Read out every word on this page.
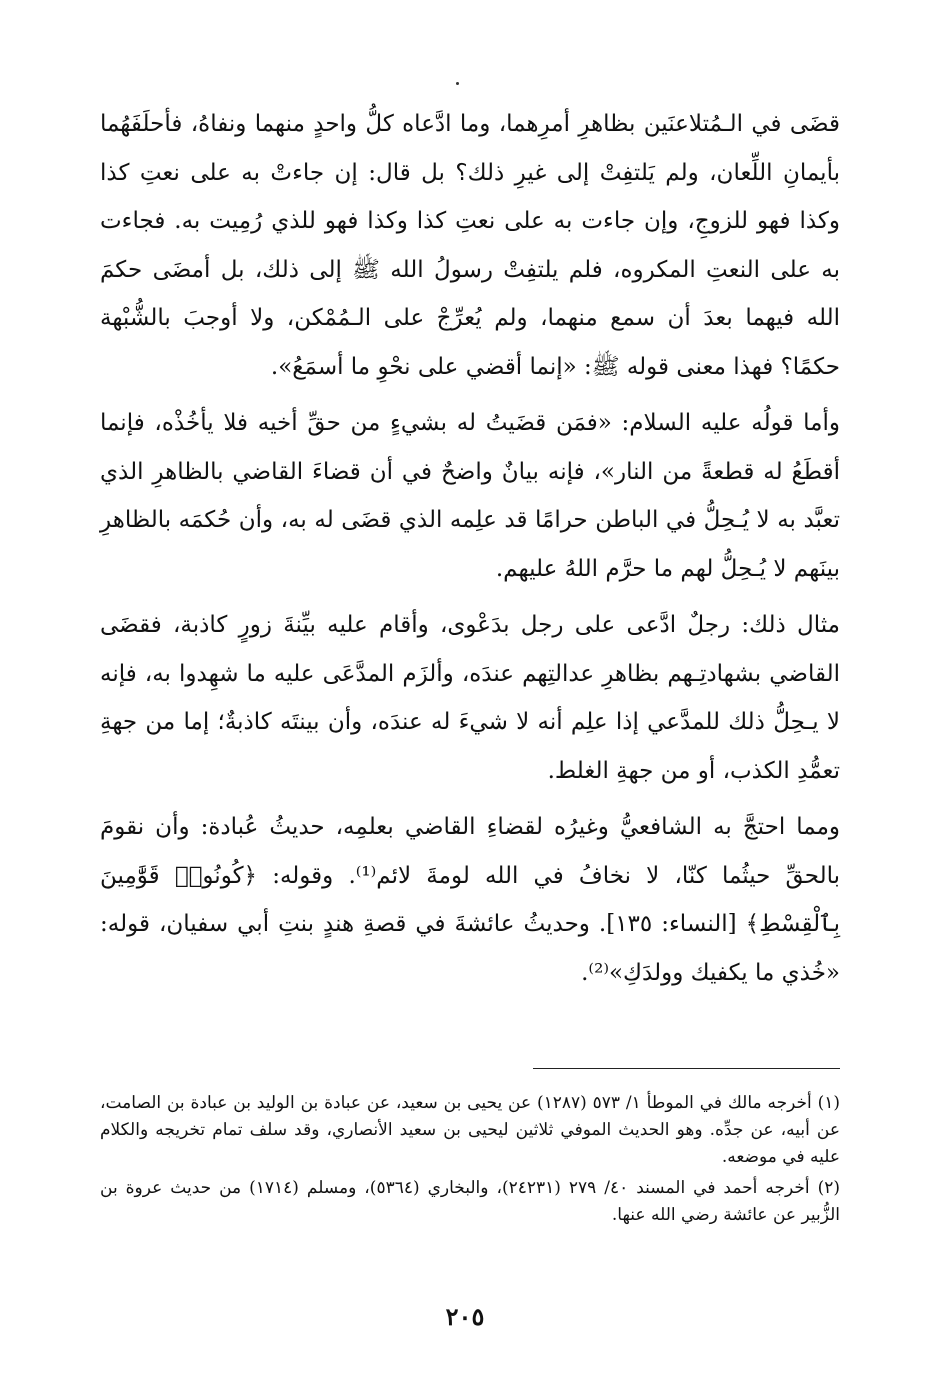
قضَى في الـمُتلاعنَين بظاهرِ أمرِهما، وما ادَّعاه كلُّ واحدٍ منهما ونفاهُ، فأحلَفَهُما بأيمانِ اللِّعان، ولم يَلتفِتْ إلى غيرِ ذلك؟ بل قال: إن جاءتْ به على نعتِ كذا وكذا فهو للزوجِ، وإن جاءت به على نعتِ كذا وكذا فهو للذي رُمِيت به. فجاءت به على النعتِ المكروه، فلم يلتفِتْ رسولُ الله ﷺ إلى ذلك، بل أمضَى حكمَ الله فيهما بعدَ أن سمع منهما، ولم يُعرِّجْ على الـمُمْكن، ولا أوجبَ بالشُّبْهة حكمًا؟ فهذا معنى قوله ﷺ: «إنما أقضي على نحْوِ ما أسمَعُ».

وأما قولُه عليه السلام: «فمَن قضَيتُ له بشيءٍ من حقِّ أخيه فلا يأخُذْه، فإنما أقطَعُ له قطعةً من النار»، فإنه بيانٌ واضحٌ في أن قضاءَ القاضي بالظاهرِ الذي تعبَّد به لا يُـحِلُّ في الباطن حرامًا قد علِمه الذي قضَى له به، وأن حُكمَه بالظاهرِ بينَهم لا يُـحِلُّ لهم ما حرَّم اللهُ عليهم.

مثال ذلك: رجلٌ ادَّعى على رجل بدَعْوى، وأقام عليه بيِّنةَ زورٍ كاذبة، فقضَى القاضي بشهادتِـهم بظاهرِ عدالتِهم عندَه، وألزَم المدَّعَى عليه ما شهِدوا به، فإنه لا يـحِلُّ ذلك للمدَّعي إذا علِم أنه لا شيءَ له عندَه، وأن بينتَه كاذبةٌ؛ إما من جهةِ تعمُّدِ الكذب، أو من جهةِ الغلط.

ومما احتجَّ به الشافعيُّ وغيرُه لقضاءِ القاضي بعلمِه، حديثُ عُبادة: وأن نقومَ بالحقِّ حيثُما كنّا، لا نخافُ في الله لومةَ لائم⁽¹⁾. وقوله: ﴿كُونُوا۟ قَوَّٰمِينَ بِٱلْقِسْطِ﴾ [النساء: ١٣٥]. وحديثُ عائشةَ في قصةِ هندٍ بنتِ أبي سفيان، قوله: «خُذي ما يكفيك وولدَكِ»⁽²⁾.

(١) أخرجه مالك في الموطأ ١/ ٥٧٣ (١٢٨٧) عن يحيى بن سعيد، عن عبادة بن الوليد بن عبادة بن الصامت، عن أبيه، عن جدِّه. وهو الحديث الموفي ثلاثين ليحيى بن سعيد الأنصاري، وقد سلف تمام تخريجه والكلام عليه في موضعه.

(٢) أخرجه أحمد في المسند ٤٠/ ٢٧٩ (٢٤٢٣١)، والبخاري (٥٣٦٤)، ومسلم (١٧١٤) من حديث عروة بن الزُّبير عن عائشة رضي الله عنها.

٢٠٥
